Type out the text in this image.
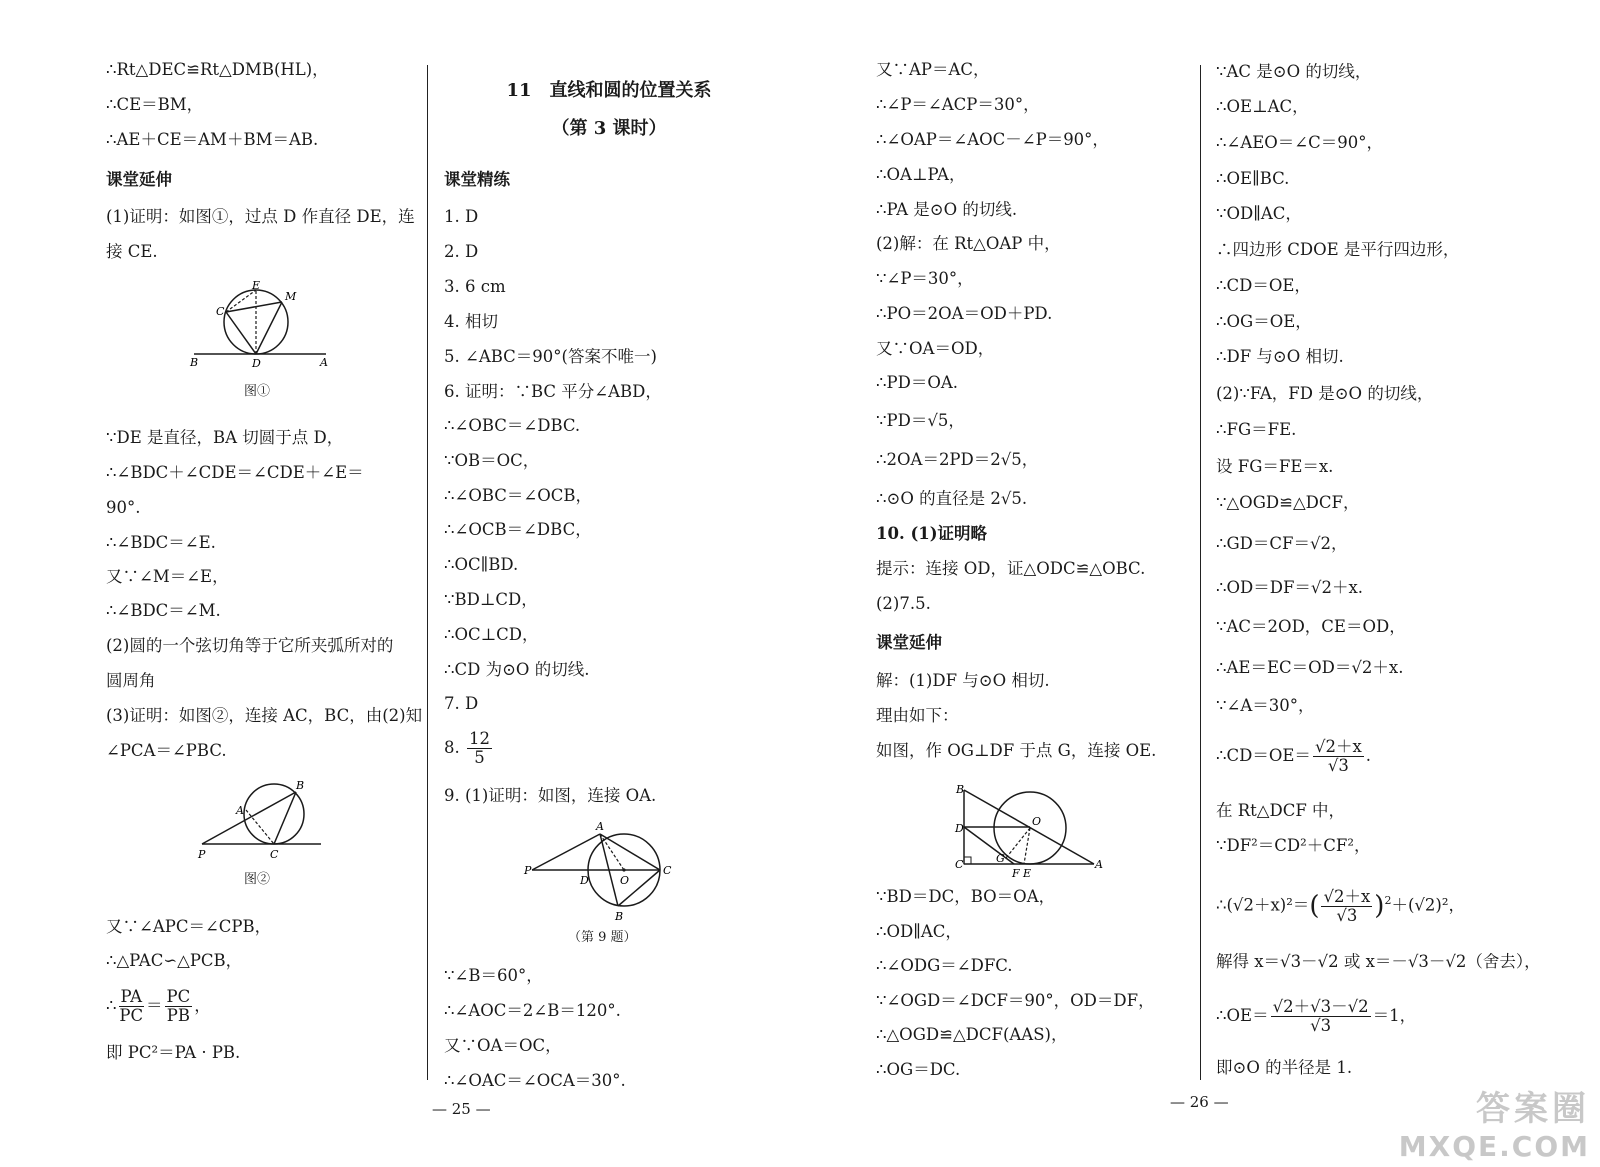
∴Rt△DEC≌Rt△DMB(HL)，
∴CE＝BM，
∴AE＋CE＝AM＋BM＝AB.
课堂延伸
(1)证明：如图①，过点 D 作直径 DE，连
接 CE.
B	D	A
C
E
M
图①
∵DE 是直径，BA 切圆于点 D，
∴∠BDC＋∠CDE＝∠CDE＋∠E＝
90°.
∴∠BDC＝∠E.
又∵∠M＝∠E，
∴∠BDC＝∠M.
(2)圆的一个弦切角等于它所夹弧所对的
圆周角
(3)证明：如图②，连接 AC，BC，由(2)知
∠PCA＝∠PBC.
P
A
B
C
图②
又∵∠APC＝∠CPB，
∴△PAC∽△PCB，
∴ $\frac{PA}{PC} = \frac{PC}{PB}$ ，
即 PC²＝PA · PB.
11　直线和圆的位置关系
（第 3 课时）
课堂精练
1. D
2. D
3. 6 cm
4. 相切
5. ∠ABC＝90°(答案不唯一)
6. 证明：∵BC 平分∠ABD，
∴∠OBC＝∠DBC.
∵OB＝OC，
∴∠OBC＝∠OCB，
∴∠OCB＝∠DBC，
∴OC∥BD.
∵BD⊥CD，
∴OC⊥CD，
∴CD 为⊙O 的切线.
7. D
8. $\frac{12}{5}$
9. (1)证明：如图，连接 OA.
P
A
D	O
C
B
（第 9 题）
∵∠B＝60°，
∴∠AOC＝2∠B＝120°.
又∵OA＝OC，
∴∠OAC＝∠OCA＝30°.
— 25 —
又∵AP＝AC，
∴∠P＝∠ACP＝30°，
∴∠OAP＝∠AOC－∠P＝90°，
∴OA⊥PA，
∴PA 是⊙O 的切线.
(2)解：在 Rt△OAP 中，
∵∠P＝30°，
∴PO＝2OA＝OD＋PD.
又∵OA＝OD，
∴PD＝OA.
∵PD＝√5，
∴2OA＝2PD＝2√5，
∴⊙O 的直径是 2√5.
10. (1)证明略
提示：连接 OD，证△ODC≌△OBC.
(2)7.5.
课堂延伸
解：(1)DF 与⊙O 相切.
理由如下：
如图，作 OG⊥DF 于点 G，连接 OE.
B
D
C	G
F E
O
A
∵BD＝DC，BO＝OA，
∴OD∥AC，
∴∠ODG＝∠DFC.
∵∠OGD＝∠DCF＝90°，OD＝DF，
∴△OGD≌△DCF(AAS)，
∴OG＝DC.
∵AC 是⊙O 的切线，
∴OE⊥AC，
∴∠AEO＝∠C＝90°，
∴OE∥BC.
∵OD∥AC，
∴四边形 CDOE 是平行四边形，
∴CD＝OE，
∴OG＝OE，
∴DF 与⊙O 相切.
(2)∵FA，FD 是⊙O 的切线，
∴FG＝FE.
设 FG＝FE＝x.
∵△OGD≌△DCF，
∴GD＝CF＝√2，
∴OD＝DF＝√2＋x.
∵AC＝2OD，CE＝OD，
∴AE＝EC＝OD＝√2＋x.
∵∠A＝30°，
∴CD＝OE＝ $\frac{√2+x}{√3}$ .
在 Rt△DCF 中，
∵DF²＝CD²＋CF²，
∴(√2＋x)²＝( $\frac{√2+x}{√3} )^2+(√2)^2$，
解得 x＝√3－√2 或 x＝－√3－√2（舍去），
∴OE＝ $\frac{√2+√3-√2}{√3} =1$，
即⊙O 的半径是 1.
— 26 —	答案圈
MXQE.COM
